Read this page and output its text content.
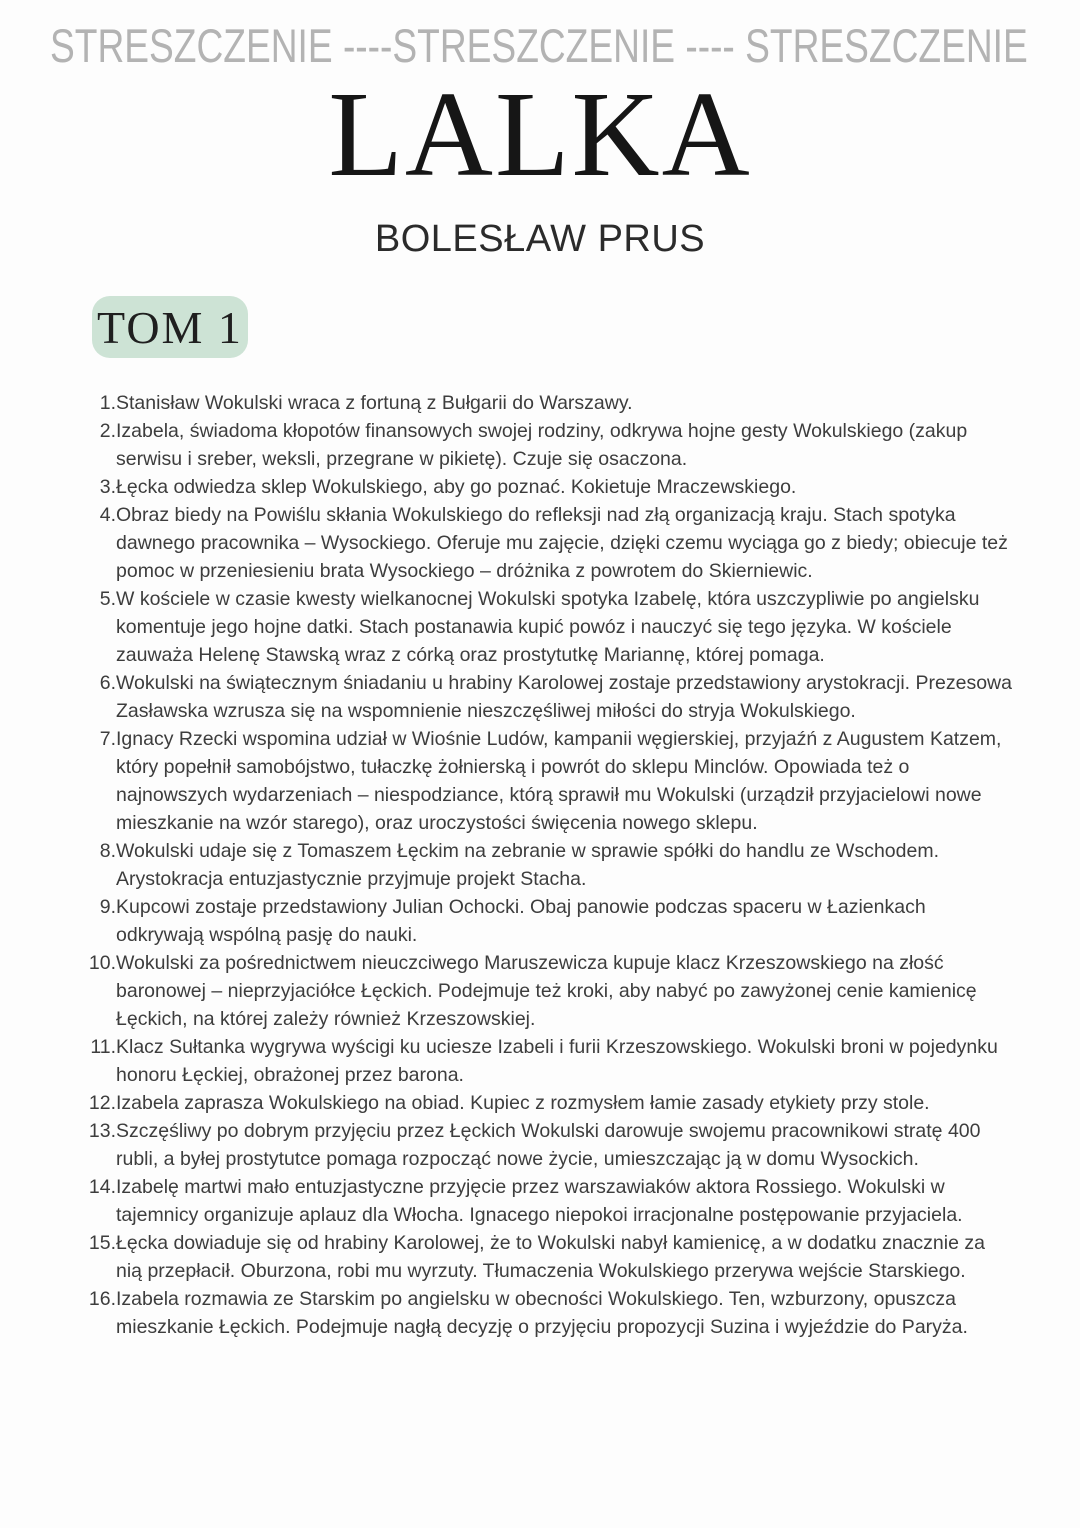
STRESZCZENIE ----STRESZCZENIE ---- STRESZCZENIE
LALKA
BOLESŁAW PRUS
TOM 1
Stanisław Wokulski wraca z fortuną z Bułgarii do Warszawy.
Izabela, świadoma kłopotów finansowych swojej rodziny, odkrywa hojne gesty Wokulskiego (zakup serwisu i sreber, weksli, przegrane w pikietę). Czuje się osaczona.
Łęcka odwiedza sklep Wokulskiego, aby go poznać. Kokietuje Mraczewskiego.
Obraz biedy na Powiślu skłania Wokulskiego do refleksji nad złą organizacją kraju. Stach spotyka dawnego pracownika – Wysockiego. Oferuje mu zajęcie, dzięki czemu wyciąga go z biedy; obiecuje też pomoc w przeniesieniu brata Wysockiego – dróżnika z powrotem do Skierniewic.
W kościele w czasie kwesty wielkanocnej Wokulski spotyka Izabelę, która uszczypliwie po angielsku komentuje jego hojne datki. Stach postanawia kupić powóz i nauczyć się tego języka. W kościele zauważa Helenę Stawską wraz z córką oraz prostytutkę Mariannę, której pomaga.
Wokulski na świątecznym śniadaniu u hrabiny Karolowej zostaje przedstawiony arystokracji. Prezesowa Zasławska wzrusza się na wspomnienie nieszczęśliwej miłości do stryja Wokulskiego.
Ignacy Rzecki wspomina udział w Wiośnie Ludów, kampanii węgierskiej, przyjaźń z Augustem Katzem, który popełnił samobójstwo, tułaczkę żołnierską i powrót do sklepu Minclów. Opowiada też o najnowszych wydarzeniach – niespodziance, którą sprawił mu Wokulski (urządził przyjacielowi nowe mieszkanie na wzór starego), oraz uroczystości święcenia nowego sklepu.
Wokulski udaje się z Tomaszem Łęckim na zebranie w sprawie spółki do handlu ze Wschodem. Arystokracja entuzjastycznie przyjmuje projekt Stacha.
Kupcowi zostaje przedstawiony Julian Ochocki. Obaj panowie podczas spaceru w Łazienkach odkrywają wspólną pasję do nauki.
Wokulski za pośrednictwem nieuczciwego Maruszewicza kupuje klacz Krzeszowskiego na złość baronowej – nieprzyjaciółce Łęckich. Podejmuje też kroki, aby nabyć po zawyżonej cenie kamienicę Łęckich, na której zależy również Krzeszowskiej.
Klacz Sułtanka wygrywa wyścigi ku uciesze Izabeli i furii Krzeszowskiego. Wokulski broni w pojedynku honoru Łęckiej, obrażonej przez barona.
Izabela zaprasza Wokulskiego na obiad. Kupiec z rozmysłem łamie zasady etykiety przy stole.
Szczęśliwy po dobrym przyjęciu przez Łęckich Wokulski darowuje swojemu pracownikowi stratę 400 rubli, a byłej prostytutce pomaga rozpocząć nowe życie, umieszczając ją w domu Wysockich.
Izabelę martwi mało entuzjastyczne przyjęcie przez warszawiaków aktora Rossiego. Wokulski w tajemnicy organizuje aplauz dla Włocha. Ignacego niepokoi irracjonalne postępowanie przyjaciela.
Łęcka dowiaduje się od hrabiny Karolowej, że to Wokulski nabył kamienicę, a w dodatku znacznie za nią przepłacił. Oburzona, robi mu wyrzuty. Tłumaczenia Wokulskiego przerywa wejście Starskiego.
Izabela rozmawia ze Starskim po angielsku w obecności Wokulskiego. Ten, wzburzony, opuszcza mieszkanie Łęckich. Podejmuje nagłą decyzję o przyjęciu propozycji Suzina i wyjeździe do Paryża.
